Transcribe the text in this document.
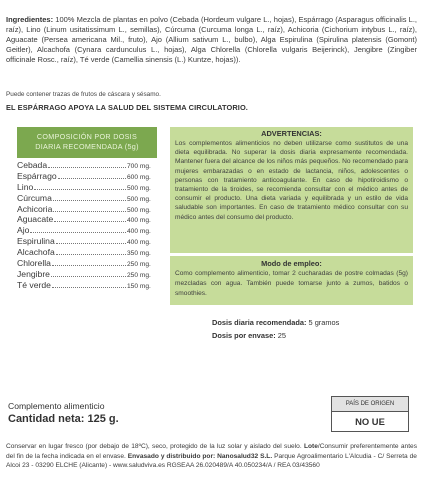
Ingredientes: 100% Mezcla de plantas en polvo (Cebada (Hordeum vulgare L., hojas), Espárrago (Asparagus officinalis L., raíz), Lino (Linum usitatissimum L., semillas), Cúrcuma (Curcuma longa L., raíz), Achicoria (Cichorium intybus L., raíz), Aguacate (Persea americana Mil., fruto), Ajo (Allium sativum L., bulbo), Alga Espirulina (Spirulina platensis (Gomont) Geitler), Alcachofa (Cynara cardunculus L., hojas), Alga Chlorella (Chlorella vulgaris Beijerinck), Jengibre (Zingiber officinale Rosc., raíz), Té verde (Camellia sinensis (L.) Kuntze, hojas)).
Puede contener trazas de frutos de cáscara y sésamo.
EL ESPÁRRAGO APOYA LA SALUD DEL SISTEMA CIRCULATORIO.
COMPOSICIÓN POR DOSIS
DIARIA RECOMENDADA (5g)
Cebada	700 mg.
Espárrago	600 mg.
Lino	500 mg.
Cúrcuma	500 mg.
Achicoria	500 mg.
Aguacate	400 mg.
Ajo	400 mg.
Espirulina	400 mg.
Alcachofa	350 mg.
Chlorella	250 mg.
Jengibre	250 mg.
Té verde	150 mg.
ADVERTENCIAS:
Los complementos alimenticios no deben utilizarse como sustitutos de una dieta equilibrada. No superar la dosis diaria expresamente recomendada. Mantener fuera del alcance de los niños más pequeños. No recomendado para mujeres embarazadas o en estado de lactancia, niños, adolescentes o personas con tratamiento anticoagulante. En caso de hipotiroidismo o tratamiento de la tiroides, se recomienda consultar con el médico antes de consumir el producto. Una dieta variada y equilibrada y un estilo de vida saludable son importantes. En caso de tratamiento médico consultar con su médico antes del consumo del producto.
Modo de empleo:
Como complemento alimenticio, tomar 2 cucharadas de postre colmadas (5g) mezcladas con agua. También puede tomarse junto a zumos, batidos o smoothies.
Dosis diaria recomendada: 5 gramos
Dosis por envase: 25
Complemento alimenticio
Cantidad neta: 125 g.
PAÍS DE ORIGEN
NO UE
Conservar en lugar fresco (por debajo de 18ºC), seco, protegido de la luz solar y aislado del suelo. Lote/Consumir preferentemente antes del fin de la fecha indicada en el envase. Envasado y distribuido por: Nanosalud32 S.L. Parque Agroalimentario L'Alcudia - C/ Serreta de Alcoi 23 - 03290 ELCHE (Alicante) - www.saludviva.es RGSEAA 26.020489/A 40.050234/A / REA 03/43560
